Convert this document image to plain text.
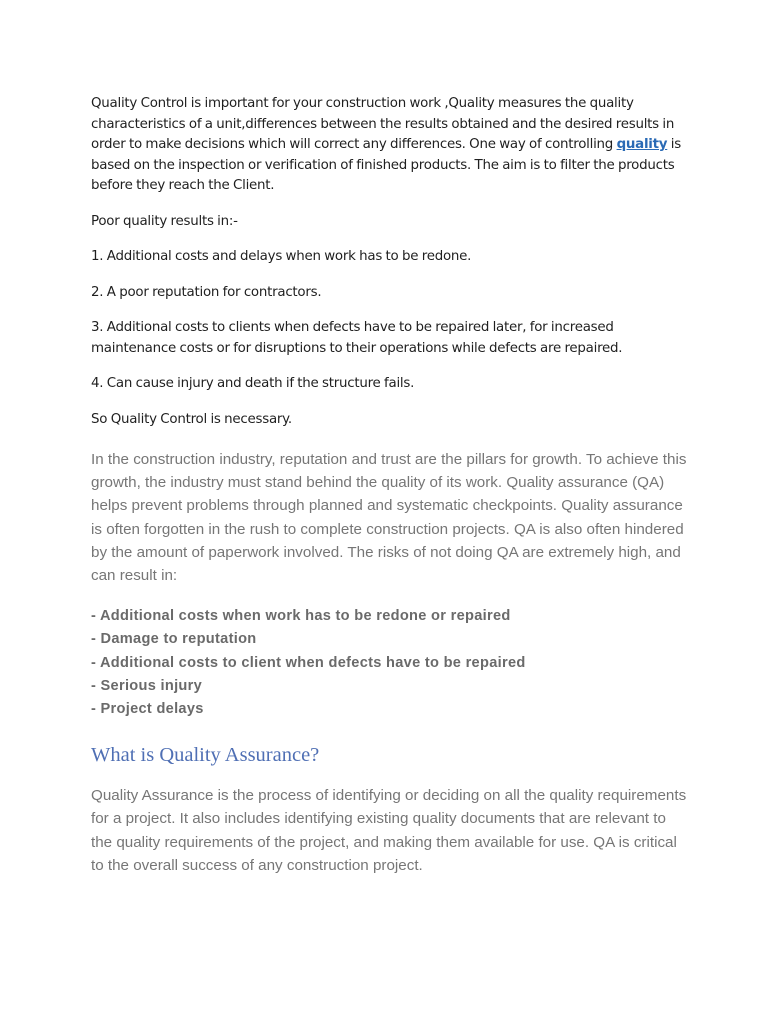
Quality Control is important for your construction work ,Quality measures the quality characteristics of a unit,differences between the results obtained and the desired results in order to make decisions which will correct any differences. One way of controlling quality is based on the inspection or verification of finished products. The aim is to filter the products before they reach the Client.

Poor quality results in:-

1. Additional costs and delays when work has to be redone.

2. A poor reputation for contractors.

3. Additional costs to clients when defects have to be repaired later, for increased maintenance costs or for disruptions to their operations while defects are repaired.

4. Can cause injury and death if the structure fails.

So Quality Control is necessary.

In the construction industry, reputation and trust are the pillars for growth. To achieve this growth, the industry must stand behind the quality of its work. Quality assurance (QA) helps prevent problems through planned and systematic checkpoints. Quality assurance is often forgotten in the rush to complete construction projects. QA is also often hindered by the amount of paperwork involved. The risks of not doing QA are extremely high, and can result in:

- Additional costs when work has to be redone or repaired
- Damage to reputation
- Additional costs to client when defects have to be repaired
- Serious injury
- Project delays
What is Quality Assurance?

Quality Assurance is the process of identifying or deciding on all the quality requirements for a project. It also includes identifying existing quality documents that are relevant to the quality requirements of the project, and making them available for use. QA is critical to the overall success of any construction project.
